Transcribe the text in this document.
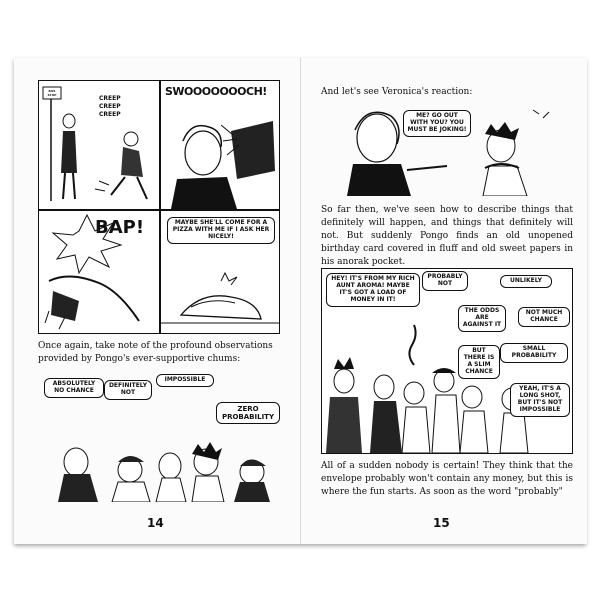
BUS STOP	CREEP CREEP CREEP
SWOOOOOOOCH!
BAP!	MAYBE SHE'LL COME FOR A PIZZA WITH ME IF I ASK HER NICELY!
Once again, take note of the profound observations provided by Pongo's ever-supportive chums:
ABSOLUTELY NO CHANCE
DEFINITELY NOT
IMPOSSIBLE
ZERO PROBABILITY
14
And let's see Veronica's reaction:
ME? GO OUT WITH YOU? YOU MUST BE JOKING!
So far then, we've seen how to describe things that definitely will happen, and things that definitely will not. But suddenly Pongo finds an old unopened birthday card covered in fluff and old sweet papers in his anorak pocket.
HEY! IT'S FROM MY RICH AUNT AROMA! MAYBE IT'S GOT A LOAD OF MONEY IN IT!
PROBABLY NOT	UNLIKELY
THE ODDS ARE AGAINST IT
NOT MUCH CHANCE
BUT THERE IS A SLIM CHANCE
SMALL PROBABILITY
YEAH, IT'S A LONG SHOT, BUT IT'S NOT IMPOSSIBLE
All of a sudden nobody is certain! They think that the envelope probably won't contain any money, but this is where the fun starts. As soon as the word "probably"
15
